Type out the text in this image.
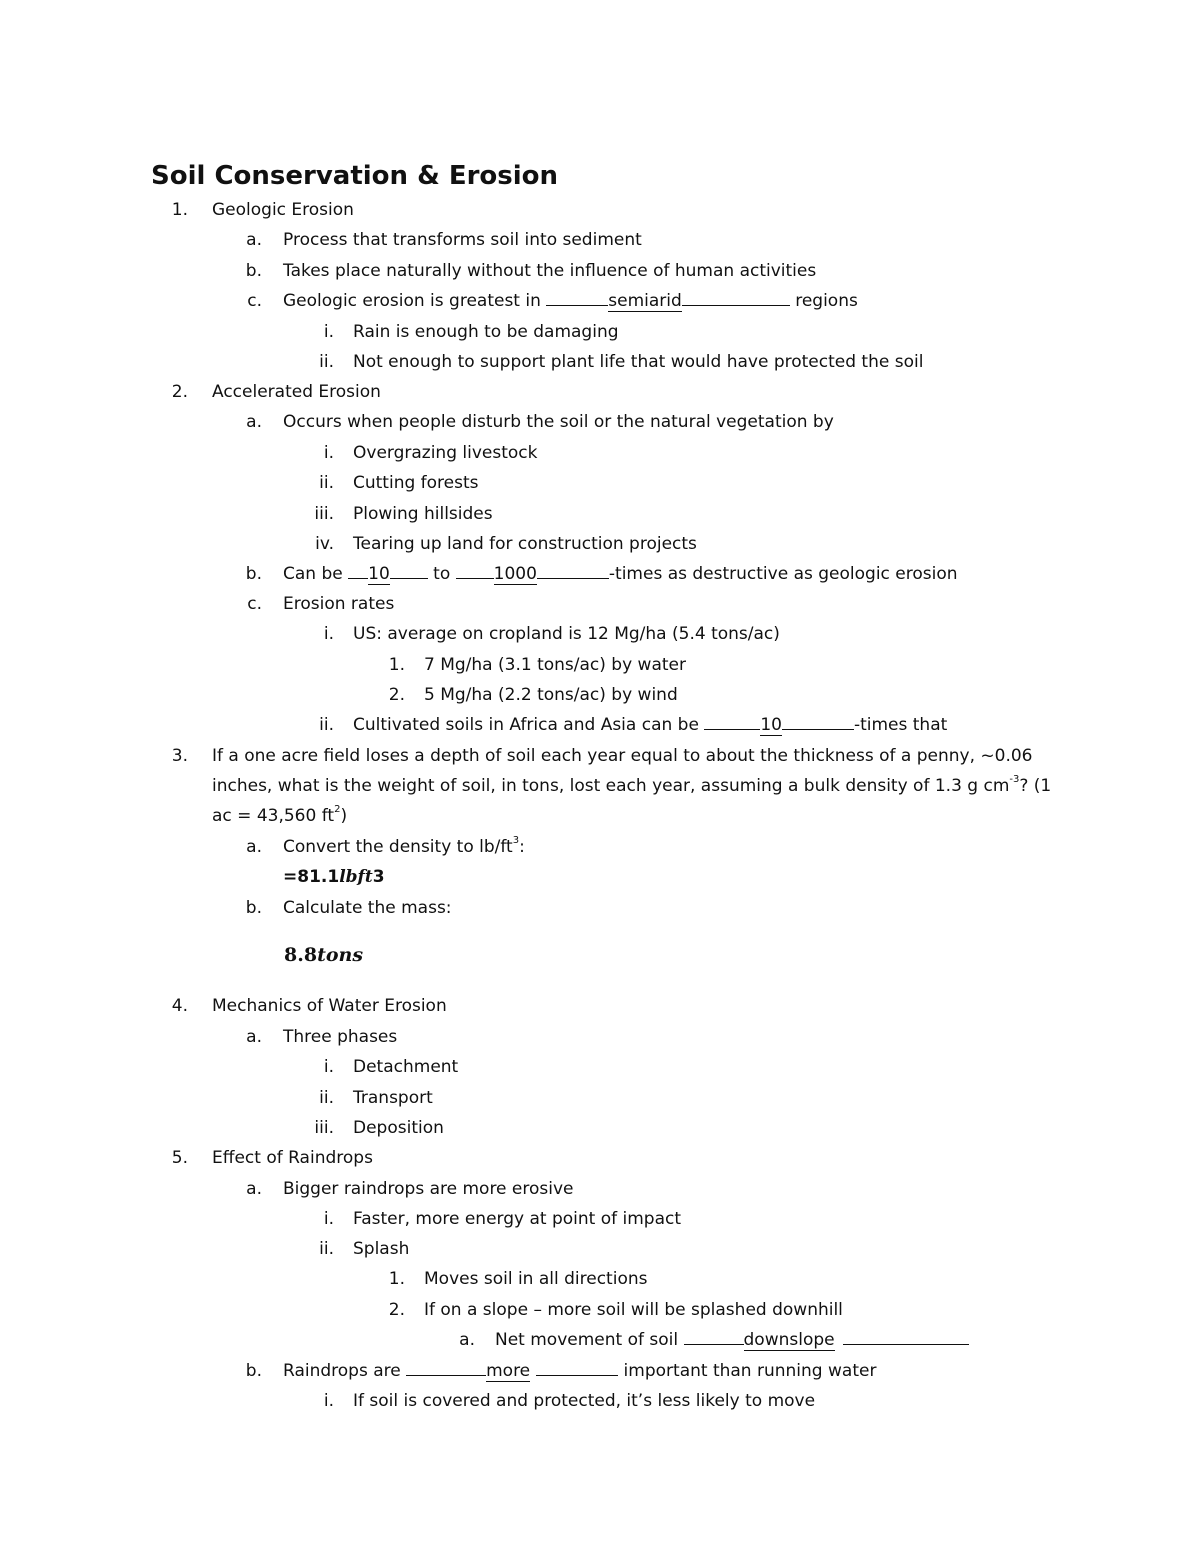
Soil Conservation & Erosion
1. Geologic Erosion
a. Process that transforms soil into sediment
b. Takes place naturally without the influence of human activities
c. Geologic erosion is greatest in	semiarid	regions
i. Rain is enough to be damaging
ii. Not enough to support plant life that would have protected the soil
2. Accelerated Erosion
a. Occurs when people disturb the soil or the natural vegetation by
i. Overgrazing livestock
ii. Cutting forests
iii. Plowing hillsides
iv. Tearing up land for construction projects
b. Can be 10 to 1000	-times as destructive as geologic erosion
c. Erosion rates
i. US: average on cropland is 12 Mg/ha (5.4 tons/ac)
1. 7 Mg/ha (3.1 tons/ac) by water
2. 5 Mg/ha (2.2 tons/ac) by wind
ii. Cultivated soils in Africa and Asia can be	10	-times that
3. If a one acre field loses a depth of soil each year equal to about the thickness of a penny, ~0.06
inches, what is the weight of soil, in tons, lost each year, assuming a bulk density of 1.3 g $cm^{-3}$? (1
ac = 43,560 $ft^2$)
a. Convert the density to $lb/ft^3$:
=81.1lbft3
b. Calculate the mass:
8.8tons
4. Mechanics of Water Erosion
a. Three phases
i. Detachment
ii. Transport
iii. Deposition
5. Effect of Raindrops
a. Bigger raindrops are more erosive
i. Faster, more energy at point of impact
ii. Splash
1. Moves soil in all directions
2. If on a slope – more soil will be splashed downhill
a. Net movement of soil	downslope
b. Raindrops are	more	important than running water
i. If soil is covered and protected, it’s less likely to move
